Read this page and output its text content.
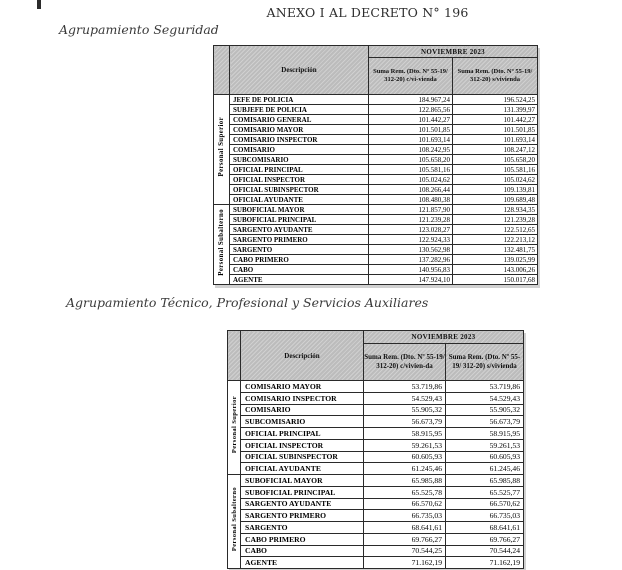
ANEXO I AL DECRETO N° 196
Agrupamiento Seguridad
	Descripción	NOVIEMBRE 2023	
		Suma Rem. (Dto. Nº 55-19/ 312-20) c/vi-vienda	Suma Rem. (Dto. Nº 55-19/ 312-20) s/vivienda
Personal Superior	JEFE DE POLICIA	184.967,24	196.524,25
	SUBJEFE DE POLICIA	122.865,56	131.399,97
	COMISARIO GENERAL	101.442,27	101.442,27
	COMISARIO MAYOR	101.501,85	101.501,85
	COMISARIO INSPECTOR	101.693,14	101.693,14
	COMISARIO	108.242,95	108.247,12
	SUBCOMISARIO	105.658,20	105.658,20
	OFICIAL PRINCIPAL	105.581,16	105.581,16
	OFICIAL INSPECTOR	105.024,62	105.024,62
	OFICIAL SUBINSPECTOR	108.266,44	109.139,81
	OFICIAL AYUDANTE	108.480,38	109.689,48
Personal Subalterno	SUBOFICIAL MAYOR	121.857,90	128.934,35
	SUBOFICIAL PRINCIPAL	121.239,28	121.239,28
	SARGENTO AYUDANTE	123.028,27	122.512,65
	SARGENTO PRIMERO	122.924,33	122.213,12
	SARGENTO	130.562,98	132.481,75
	CABO PRIMERO	137.282,96	139.025,99
	CABO	140.956,83	143.006,26
	AGENTE	147.924,10	150.017,68
Agrupamiento Técnico, Profesional y Servicios Auxiliares
	Descripción	NOVIEMBRE 2023	
		Suma Rem. (Dto. Nº 55-19/ 312-20) c/vivien-da	Suma Rem. (Dto. Nº 55-19/ 312-20) s/vivienda
Personal Superior	COMISARIO MAYOR	53.719,86	53.719,86
	COMISARIO INSPECTOR	54.529,43	54.529,43
	COMISARIO	55.905,32	55.905,32
	SUBCOMISARIO	56.673,79	56.673,79
	OFICIAL PRINCIPAL	58.915,95	58.915,95
	OFICIAL INSPECTOR	59.261,53	59.261,53
	OFICIAL SUBINSPECTOR	60.605,93	60.605,93
	OFICIAL AYUDANTE	61.245,46	61.245,46
Personal Subalterno	SUBOFICIAL MAYOR	65.985,88	65.985,88
	SUBOFICIAL PRINCIPAL	65.525,78	65.525,77
	SARGENTO AYUDANTE	66.570,62	66.570,62
	SARGENTO PRIMERO	66.735,03	66.735,03
	SARGENTO	68.641,61	68.641,61
	CABO PRIMERO	69.766,27	69.766,27
	CABO	70.544,25	70.544,24
	AGENTE	71.162,19	71.162,19
